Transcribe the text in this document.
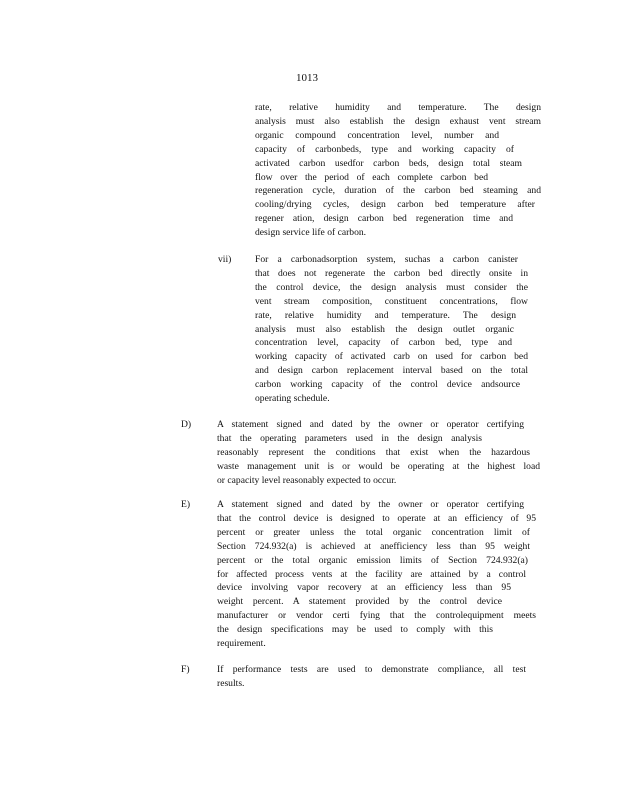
1013
rate, relative humidity and temperature. The design
analysis must also establish the design exhaust vent stream
organic compound concentration level, number and
capacity of carbonbeds, type and working capacity of
activated carbon usedfor carbon beds, design total steam
flow over the period of each complete carbon bed
regeneration cycle, duration of the carbon bed steaming and
cooling/drying cycles, design carbon bed temperature after
regener ation, design carbon bed regeneration time and
design service life of carbon.
vii) For a carbonadsorption system, suchas a carbon canister
that does not regenerate the carbon bed directly onsite in
the control device, the design analysis must consider the
vent stream composition, constituent concentrations, flow
rate, relative humidity and temperature. The design
analysis must also establish the design outlet organic
concentration level, capacity of carbon bed, type and
working capacity of activated carb on used for carbon bed
and design carbon replacement interval based on the total
carbon working capacity of the control device andsource
operating schedule.
D)	A statement signed and dated by the owner or operator certifying
that the operating parameters used in the design analysis
reasonably represent the conditions that exist when the hazardous
waste management unit is or would be operating at the highest load
or capacity level reasonably expected to occur.
E)	A statement signed and dated by the owner or operator certifying
that the control device is designed to operate at an efficiency of 95
percent or greater unless the total organic concentration limit of
Section 724.932(a) is achieved at anefficiency less than 95 weight
percent or the total organic emission limits of Section 724.932(a)
for affected process vents at the facility are attained by a control
device involving vapor recovery at an efficiency less than 95
weight percent. A statement provided by the control device
manufacturer or vendor certi fying that the controlequipment meets
the design specifications may be used to comply with this
requirement.
F)	If performance tests are used to demonstrate compliance, all test
results.
